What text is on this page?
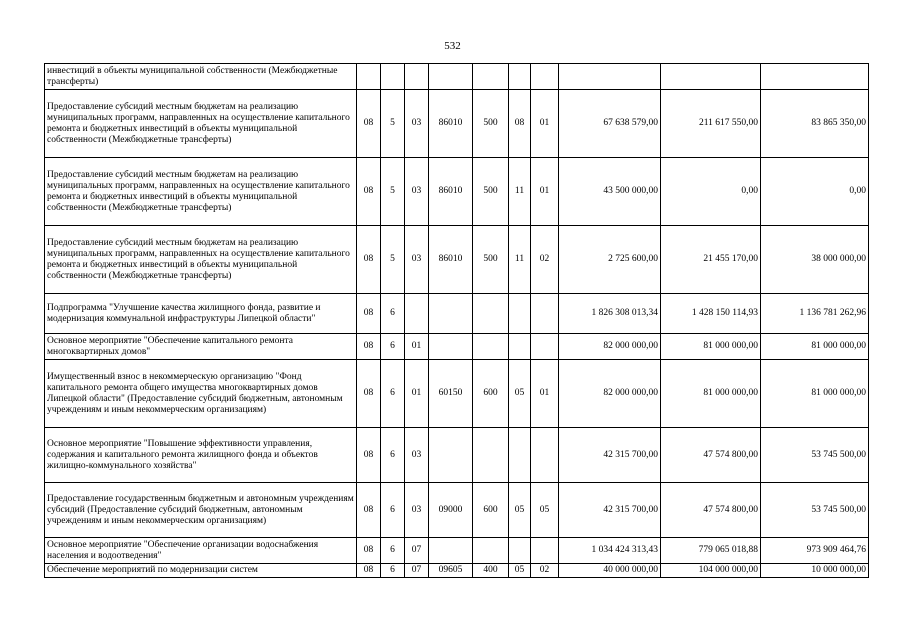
532
инвестиций в объекты муниципальной собственности (Межбюджетные трансферты)										
Предоставление субсидий местным бюджетам на реализацию муниципальных программ, направленных на осуществление капитального ремонта и бюджетных инвестиций в объекты муниципальной собственности (Межбюджетные трансферты)	08	5	03	86010	500	08	01	67 638 579,00	211 617 550,00	83 865 350,00
Предоставление субсидий местным бюджетам на реализацию муниципальных программ, направленных на осуществление капитального ремонта и бюджетных инвестиций в объекты муниципальной собственности (Межбюджетные трансферты)	08	5	03	86010	500	11	01	43 500 000,00	0,00	0,00
Предоставление субсидий местным бюджетам на реализацию муниципальных программ, направленных на осуществление капитального ремонта и бюджетных инвестиций в объекты муниципальной собственности (Межбюджетные трансферты)	08	5	03	86010	500	11	02	2 725 600,00	21 455 170,00	38 000 000,00
Подпрограмма "Улучшение качества жилищного фонда, развитие и модернизация коммунальной инфраструктуры Липецкой области"	08	6						1 826 308 013,34	1 428 150 114,93	1 136 781 262,96
Основное мероприятие "Обеспечение капитального ремонта многоквартирных домов"	08	6	01					82 000 000,00	81 000 000,00	81 000 000,00
Имущественный взнос в некоммерческую организацию "Фонд капитального ремонта общего имущества многоквартирных домов Липецкой области" (Предоставление субсидий бюджетным, автономным учреждениям и иным некоммерческим организациям)	08	6	01	60150	600	05	01	82 000 000,00	81 000 000,00	81 000 000,00
Основное мероприятие "Повышение эффективности управления, содержания и капитального ремонта жилищного фонда и объектов жилищно-коммунального хозяйства"	08	6	03					42 315 700,00	47 574 800,00	53 745 500,00
Предоставление государственным бюджетным и автономным учреждениям субсидий (Предоставление субсидий бюджетным, автономным учреждениям и иным некоммерческим организациям)	08	6	03	09000	600	05	05	42 315 700,00	47 574 800,00	53 745 500,00
Основное мероприятие "Обеспечение организации водоснабжения населения и водоотведения"	08	6	07					1 034 424 313,43	779 065 018,88	973 909 464,76
Обеспечение мероприятий по модернизации систем	08	6	07	09605	400	05	02	40 000 000,00	104 000 000,00	10 000 000,00
